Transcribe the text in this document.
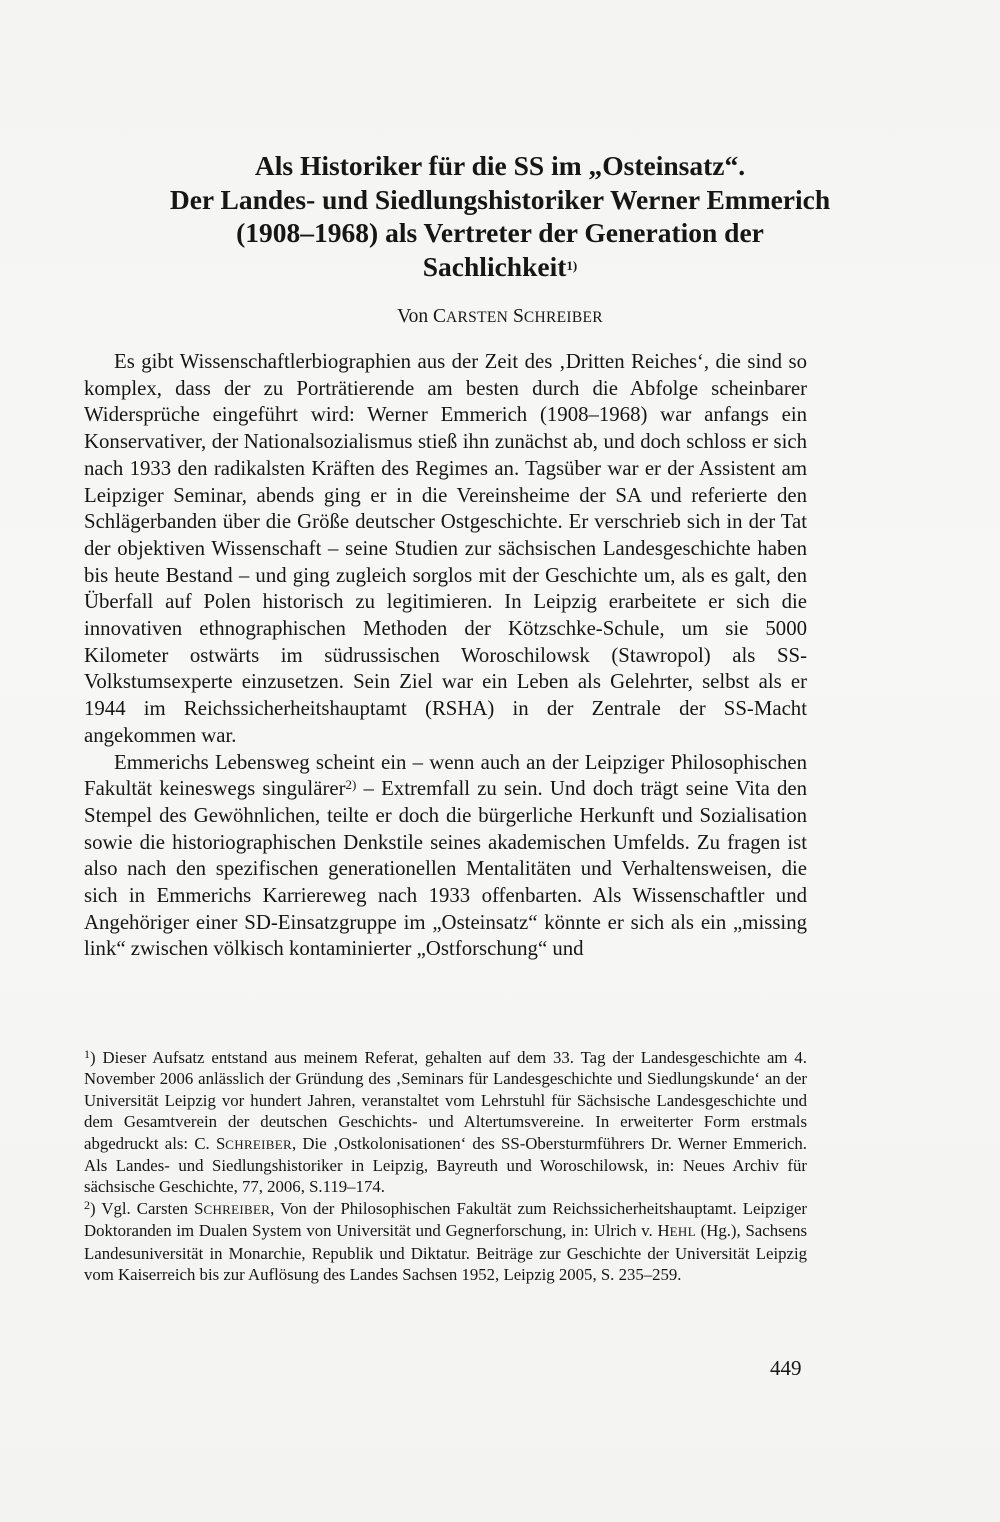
Als Historiker für die SS im „Osteinsatz“.
Der Landes- und Siedlungshistoriker Werner Emmerich
(1908–1968) als Vertreter der Generation der
Sachlichkeit$^{1)}$
Von CARSTEN SCHREIBER

Es gibt Wissenschaftlerbiographien aus der Zeit des ‚Dritten Reiches‘, die sind so komplex, dass der zu Porträtierende am besten durch die Abfolge scheinbarer Widersprüche eingeführt wird: Werner Emmerich (1908–1968) war anfangs ein Konservativer, der Nationalsozialismus stieß ihn zunächst ab, und doch schloss er sich nach 1933 den radikalsten Kräften des Regimes an. Tagsüber war er der Assistent am Leipziger Seminar, abends ging er in die Vereinsheime der SA und referierte den Schlägerbanden über die Größe deutscher Ostgeschichte. Er verschrieb sich in der Tat der objektiven Wissenschaft – seine Studien zur sächsischen Landesgeschichte haben bis heute Bestand – und ging zugleich sorglos mit der Geschichte um, als es galt, den Überfall auf Polen historisch zu legitimieren. In Leipzig erarbeitete er sich die innovativen ethnographischen Methoden der Kötzschke-Schule, um sie 5000 Kilometer ostwärts im südrussischen Woroschilowsk (Stawropol) als SS-Volkstumsexperte einzusetzen. Sein Ziel war ein Leben als Gelehrter, selbst als er 1944 im Reichssicherheitshauptamt (RSHA) in der Zentrale der SS-Macht angekommen war.

Emmerichs Lebensweg scheint ein – wenn auch an der Leipziger Philosophischen Fakultät keineswegs singulärer$^{2)}$ – Extremfall zu sein. Und doch trägt seine Vita den Stempel des Gewöhnlichen, teilte er doch die bürgerliche Herkunft und Sozialisation sowie die historiographischen Denkstile seines akademischen Umfelds. Zu fragen ist also nach den spezifischen generationellen Mentalitäten und Verhaltensweisen, die sich in Emmerichs Karriereweg nach 1933 offenbarten. Als Wissenschaftler und Angehöriger einer SD-Einsatzgruppe im „Osteinsatz“ könnte er sich als ein „missing link“ zwischen völkisch kontaminierter „Ostforschung“ und

$^1$) Dieser Aufsatz entstand aus meinem Referat, gehalten auf dem 33. Tag der Landesgeschichte am 4. November 2006 anlässlich der Gründung des ‚Seminars für Landesgeschichte und Siedlungskunde‘ an der Universität Leipzig vor hundert Jahren, veranstaltet vom Lehrstuhl für Sächsische Landesgeschichte und dem Gesamtverein der deutschen Geschichts- und Altertumsvereine. In erweiterter Form erstmals abgedruckt als: C. SCHREIBER, Die ‚Ostkolonisationen‘ des SS-Obersturmführers Dr. Werner Emmerich. Als Landes- und Siedlungshistoriker in Leipzig, Bayreuth und Woroschilowsk, in: Neues Archiv für sächsische Geschichte, 77, 2006, S.119–174.

$^2$) Vgl. Carsten SCHREIBER, Von der Philosophischen Fakultät zum Reichssicherheitshauptamt. Leipziger Doktoranden im Dualen System von Universität und Gegnerforschung, in: Ulrich v. HEHL (Hg.), Sachsens Landesuniversität in Monarchie, Republik und Diktatur. Beiträge zur Geschichte der Universität Leipzig vom Kaiserreich bis zur Auflösung des Landes Sachsen 1952, Leipzig 2005, S. 235–259.

449
